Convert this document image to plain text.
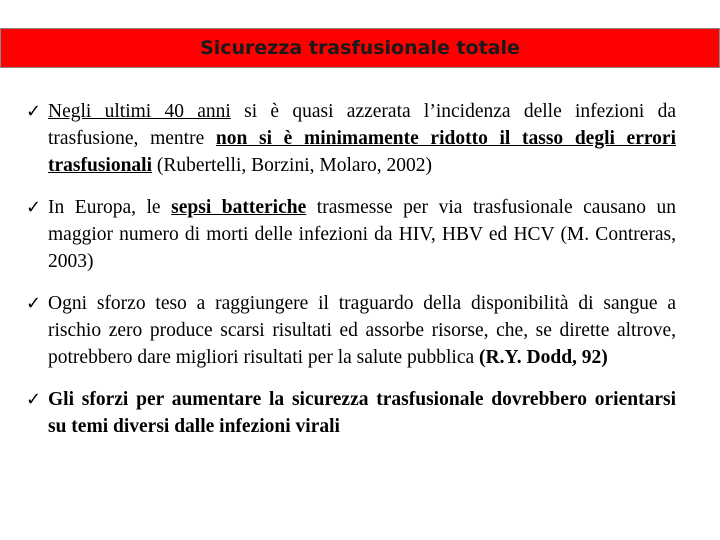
Sicurezza trasfusionale totale
✓ Negli ultimi 40 anni si è quasi azzerata l’incidenza delle infezioni da trasfusione, mentre non si è minimamente ridotto il tasso degli errori trasfusionali (Rubertelli, Borzini, Molaro, 2002)
✓ In Europa, le sepsi batteriche trasmesse per via trasfusionale causano un maggior numero di morti delle infezioni da HIV, HBV ed HCV (M. Contreras, 2003)
✓ Ogni sforzo teso a raggiungere il traguardo della disponibilità di sangue a rischio zero produce scarsi risultati ed assorbe risorse, che, se dirette altrove, potrebbero dare migliori risultati per la salute pubblica (R.Y. Dodd, 92)
✓ Gli sforzi per aumentare la sicurezza trasfusionale dovrebbero orientarsi su temi diversi dalle infezioni virali
